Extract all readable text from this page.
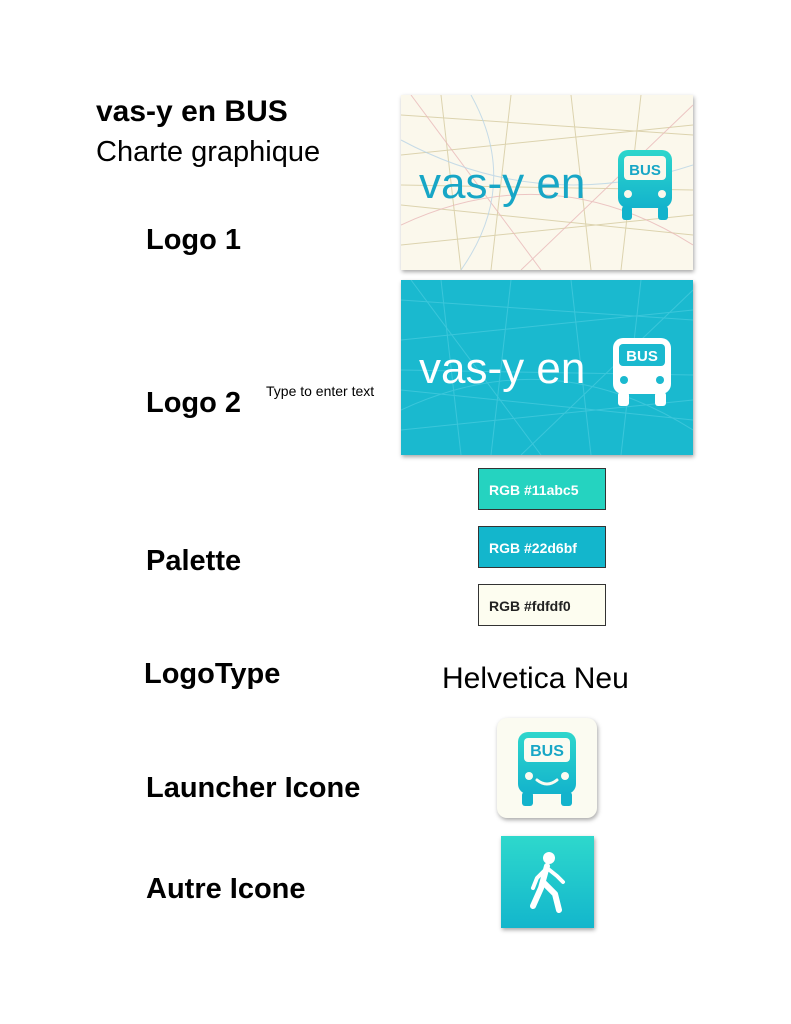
vas-y en BUS
Charte graphique
Logo 1
Logo 2 Type to enter text
Palette
LogoType
Launcher Icone
Autre Icone
vas-y en	BUS
vas-y en	BUS
RGB #11abc5
RGB #22d6bf
RGB #fdfdf0
Helvetica Neu
BUS
